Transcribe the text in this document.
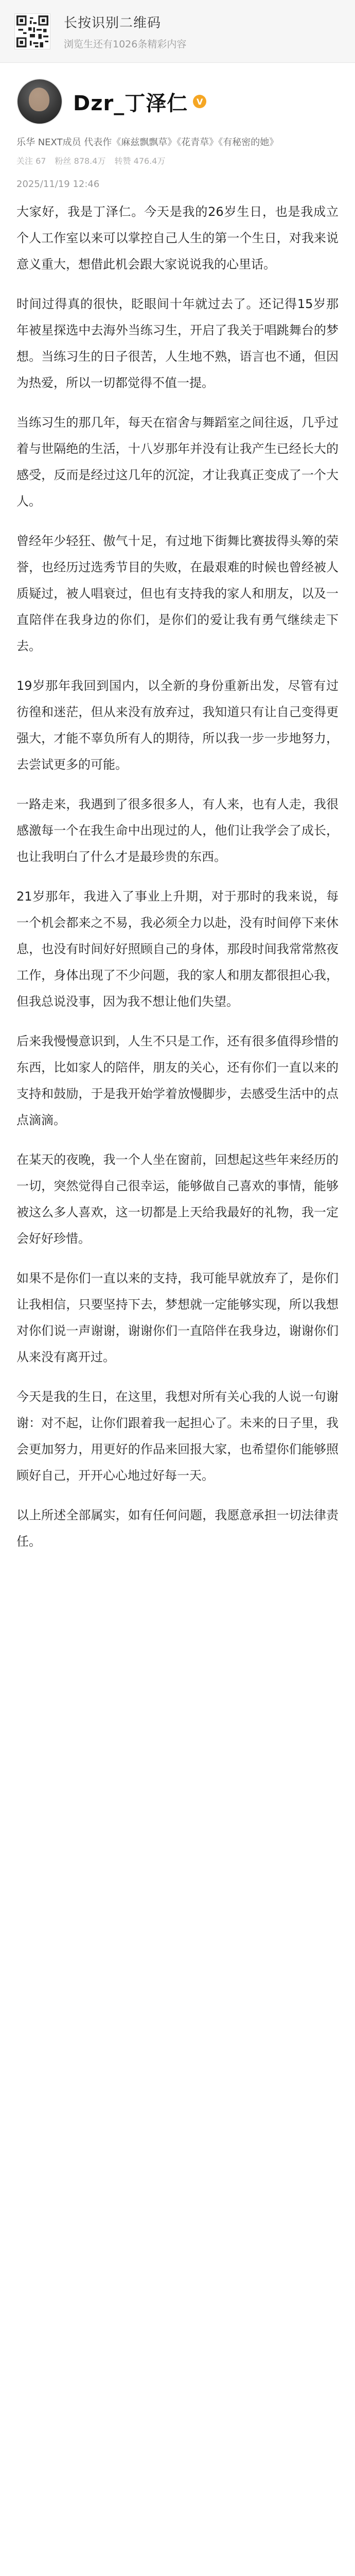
长按识别二维码
浏览生还有1026条精彩内容
Dzr_丁泽仁	V
乐华 NEXT成员 代表作《麻兹飘飘草》《花青草》《有秘密的她》
关注 67 粉丝 878.4万 转赞 476.4万
2025/11/19 12:46

大家好，我是丁泽仁。今天是我的26岁生日，也是我成立个人工作室以来可以掌控自己人生的第一个生日，对我来说意义重大，想借此机会跟大家说说我的心里话。

时间过得真的很快，眨眼间十年就过去了。还记得15岁那年被星探选中去海外当练习生，开启了我关于唱跳舞台的梦想。当练习生的日子很苦，人生地不熟，语言也不通，但因为热爱，所以一切都觉得不值一提。

当练习生的那几年，每天在宿舍与舞蹈室之间往返，几乎过着与世隔绝的生活，十八岁那年并没有让我产生已经长大的感受，反而是经过这几年的沉淀，才让我真正变成了一个大人。

曾经年少轻狂、傲气十足，有过地下街舞比赛拔得头筹的荣誉，也经历过选秀节目的失败，在最艰难的时候也曾经被人质疑过，被人唱衰过，但也有支持我的家人和朋友，以及一直陪伴在我身边的你们，是你们的爱让我有勇气继续走下去。

19岁那年我回到国内，以全新的身份重新出发，尽管有过彷徨和迷茫，但从来没有放弃过，我知道只有让自己变得更强大，才能不辜负所有人的期待，所以我一步一步地努力，去尝试更多的可能。

一路走来，我遇到了很多很多人，有人来，也有人走，我很感激每一个在我生命中出现过的人，他们让我学会了成长，也让我明白了什么才是最珍贵的东西。

21岁那年，我进入了事业上升期，对于那时的我来说，每一个机会都来之不易，我必须全力以赴，没有时间停下来休息，也没有时间好好照顾自己的身体，那段时间我常常熬夜工作，身体出现了不少问题，我的家人和朋友都很担心我，但我总说没事，因为我不想让他们失望。

后来我慢慢意识到，人生不只是工作，还有很多值得珍惜的东西，比如家人的陪伴，朋友的关心，还有你们一直以来的支持和鼓励，于是我开始学着放慢脚步，去感受生活中的点点滴滴。

在某天的夜晚，我一个人坐在窗前，回想起这些年来经历的一切，突然觉得自己很幸运，能够做自己喜欢的事情，能够被这么多人喜欢，这一切都是上天给我最好的礼物，我一定会好好珍惜。

如果不是你们一直以来的支持，我可能早就放弃了，是你们让我相信，只要坚持下去，梦想就一定能够实现，所以我想对你们说一声谢谢，谢谢你们一直陪伴在我身边，谢谢你们从来没有离开过。

今天是我的生日，在这里，我想对所有关心我的人说一句谢谢：对不起，让你们跟着我一起担心了。未来的日子里，我会更加努力，用更好的作品来回报大家，也希望你们能够照顾好自己，开开心心地过好每一天。

以上所述全部属实，如有任何问题，我愿意承担一切法律责任。
